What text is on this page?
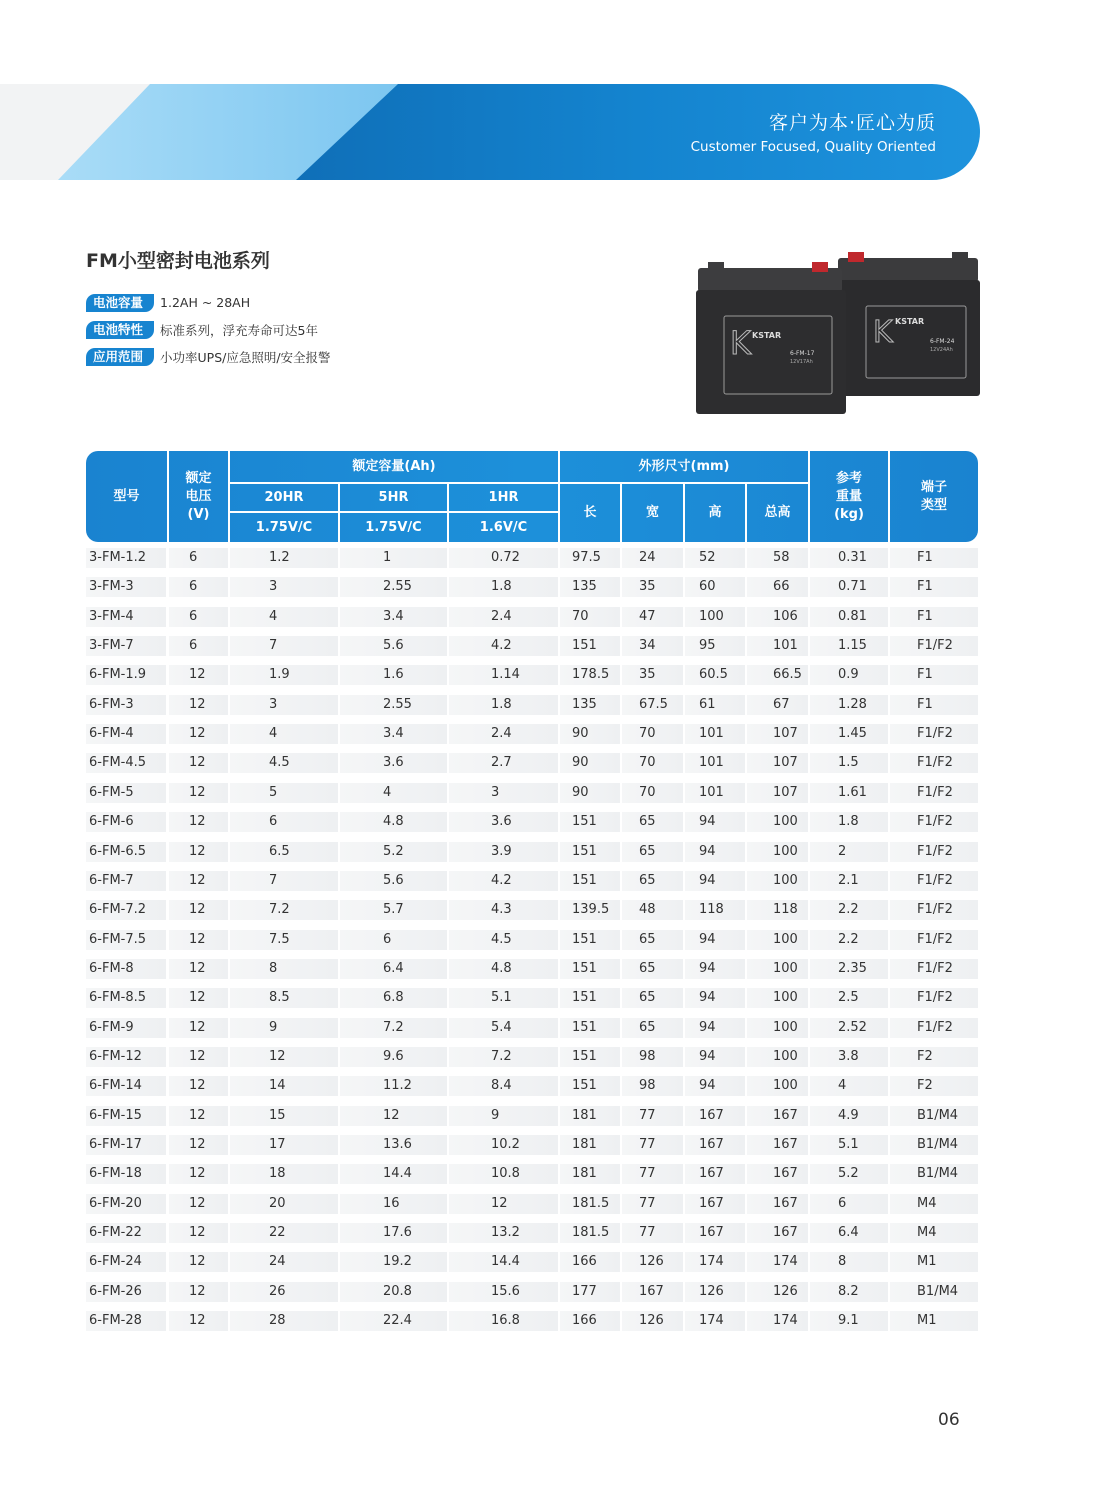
客户为本·匠心为质
Customer Focused, Quality Oriented
FM小型密封电池系列
电池容量 1.2AH ~ 28AH
电池特性 标准系列，浮充寿命可达5年
应用范围 小功率UPS/应急照明/安全报警
K KSTAR
6-FM-24
12V24Ah
K KSTAR
6-FM-17
12V17Ah
型号
额定
电压
(V)
额定容量(Ah)
20HR	5HR	1HR
1.75V/C	1.75V/C	1.6V/C
外形尺寸(mm)
长	宽	高	总高
参考
重量
(kg)
端子
类型
3-FM-1.2	6	1.2	1	0.72	97.5	24	52	58	0.31	F1
3-FM-3	6	3	2.55	1.8	135	35	60	66	0.71	F1
3-FM-4	6	4	3.4	2.4	70	47	100	106	0.81	F1
3-FM-7	6	7	5.6	4.2	151	34	95	101	1.15	F1/F2
6-FM-1.9	12	1.9	1.6	1.14	178.5	35	60.5	66.5	0.9	F1
6-FM-3	12	3	2.55	1.8	135	67.5	61	67	1.28	F1
6-FM-4	12	4	3.4	2.4	90	70	101	107	1.45	F1/F2
6-FM-4.5	12	4.5	3.6	2.7	90	70	101	107	1.5	F1/F2
6-FM-5	12	5	4	3	90	70	101	107	1.61	F1/F2
6-FM-6	12	6	4.8	3.6	151	65	94	100	1.8	F1/F2
6-FM-6.5	12	6.5	5.2	3.9	151	65	94	100	2	F1/F2
6-FM-7	12	7	5.6	4.2	151	65	94	100	2.1	F1/F2
6-FM-7.2	12	7.2	5.7	4.3	139.5	48	118	118	2.2	F1/F2
6-FM-7.5	12	7.5	6	4.5	151	65	94	100	2.2	F1/F2
6-FM-8	12	8	6.4	4.8	151	65	94	100	2.35	F1/F2
6-FM-8.5	12	8.5	6.8	5.1	151	65	94	100	2.5	F1/F2
6-FM-9	12	9	7.2	5.4	151	65	94	100	2.52	F1/F2
6-FM-12	12	12	9.6	7.2	151	98	94	100	3.8	F2
6-FM-14	12	14	11.2	8.4	151	98	94	100	4	F2
6-FM-15	12	15	12	9	181	77	167	167	4.9	B1/M4
6-FM-17	12	17	13.6	10.2	181	77	167	167	5.1	B1/M4
6-FM-18	12	18	14.4	10.8	181	77	167	167	5.2	B1/M4
6-FM-20	12	20	16	12	181.5	77	167	167	6	M4
6-FM-22	12	22	17.6	13.2	181.5	77	167	167	6.4	M4
6-FM-24	12	24	19.2	14.4	166	126	174	174	8	M1
6-FM-26	12	26	20.8	15.6	177	167	126	126	8.2	B1/M4
6-FM-28	12	28	22.4	16.8	166	126	174	174	9.1	M1
06
